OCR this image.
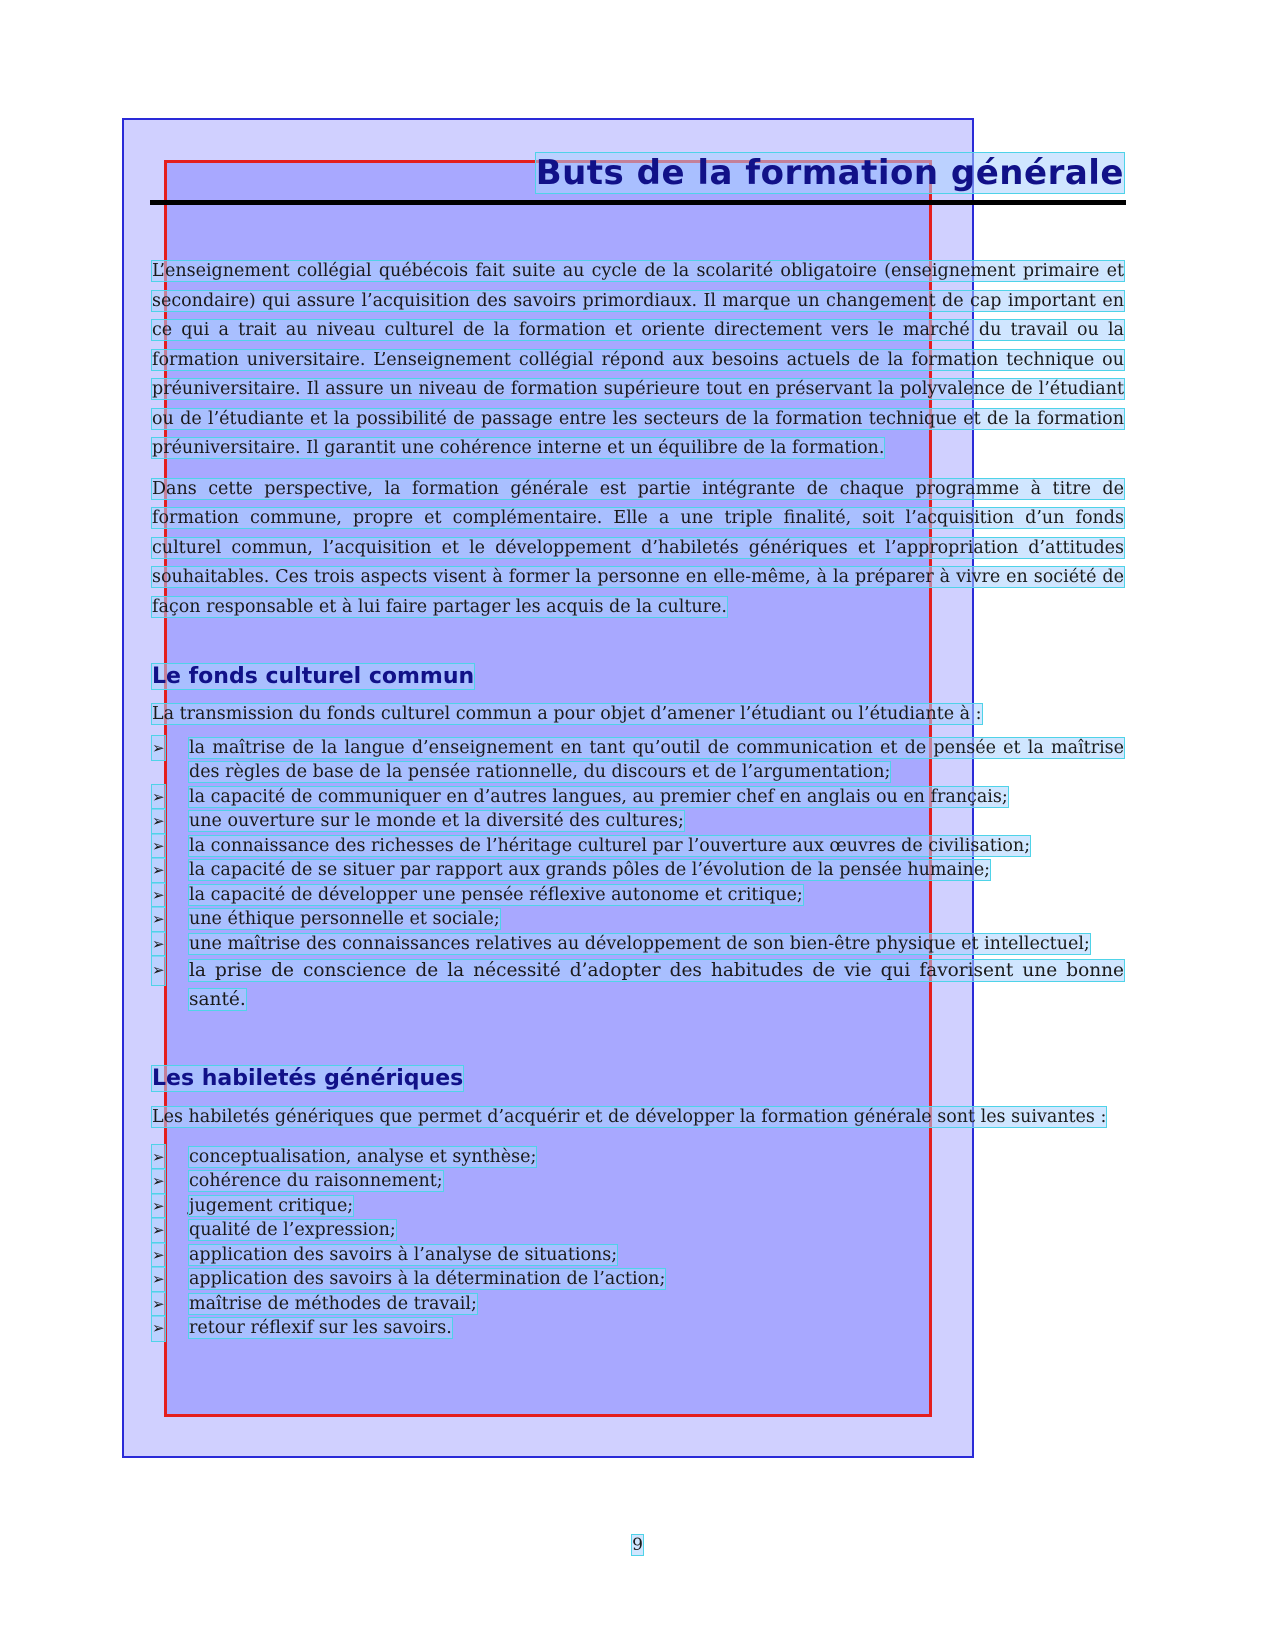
Buts de la formation générale

L’enseignement collégial québécois fait suite au cycle de la scolarité obligatoire (enseignement primaire et secondaire) qui assure l’acquisition des savoirs primordiaux. Il marque un changement de cap important en ce qui a trait au niveau culturel de la formation et oriente directement vers le marché du travail ou la formation universitaire. L’enseignement collégial répond aux besoins actuels de la formation technique ou préuniversitaire. Il assure un niveau de formation supérieure tout en préservant la polyvalence de l’étudiant ou de l’étudiante et la possibilité de passage entre les secteurs de la formation technique et de la formation préuniversitaire. Il garantit une cohérence interne et un équilibre de la formation.

Dans cette perspective, la formation générale est partie intégrante de chaque programme à titre de formation commune, propre et complémentaire. Elle a une triple finalité, soit l’acquisition d’un fonds culturel commun, l’acquisition et le développement d’habiletés génériques et l’appropriation d’attitudes souhaitables. Ces trois aspects visent à former la personne en elle-même, à la préparer à vivre en société de façon responsable et à lui faire partager les acquis de la culture.

Le fonds culturel commun

La transmission du fonds culturel commun a pour objet d’amener l’étudiant ou l’étudiante à :

➢ la maîtrise de la langue d’enseignement en tant qu’outil de communication et de pensée et la maîtrise des règles de base de la pensée rationnelle, du discours et de l’argumentation;
➢ la capacité de communiquer en d’autres langues, au premier chef en anglais ou en français;
➢ une ouverture sur le monde et la diversité des cultures;
➢ la connaissance des richesses de l’héritage culturel par l’ouverture aux œuvres de civilisation;
➢ la capacité de se situer par rapport aux grands pôles de l’évolution de la pensée humaine;
➢ la capacité de développer une pensée réflexive autonome et critique;
➢ une éthique personnelle et sociale;
➢ une maîtrise des connaissances relatives au développement de son bien-être physique et intellectuel;
➢ la prise de conscience de la nécessité d’adopter des habitudes de vie qui favorisent une bonne santé.
Les habiletés génériques

Les habiletés génériques que permet d’acquérir et de développer la formation générale sont les suivantes :

➢ conceptualisation, analyse et synthèse;
➢ cohérence du raisonnement;
➢ jugement critique;
➢ qualité de l’expression;
➢ application des savoirs à l’analyse de situations;
➢ application des savoirs à la détermination de l’action;
➢ maîtrise de méthodes de travail;
➢ retour réflexif sur les savoirs.
9
